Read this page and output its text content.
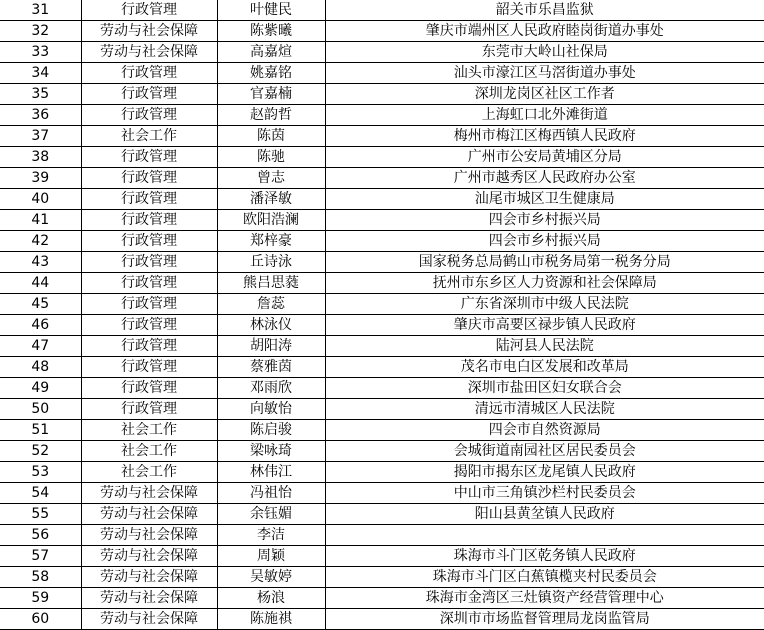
31	行政管理	叶健民	韶关市乐昌监狱
32	劳动与社会保障	陈紫曦	肇庆市端州区人民政府睦岗街道办事处
33	劳动与社会保障	高嘉煊	东莞市大岭山社保局
34	行政管理	姚嘉铭	汕头市濠江区马滘街道办事处
35	行政管理	官嘉楠	深圳龙岗区社区工作者
36	行政管理	赵韵哲	上海虹口北外滩街道
37	社会工作	陈茵	梅州市梅江区梅西镇人民政府
38	行政管理	陈驰	广州市公安局黄埔区分局
39	行政管理	曾志	广州市越秀区人民政府办公室
40	行政管理	潘泽敏	汕尾市城区卫生健康局
41	行政管理	欧阳浩澜	四会市乡村振兴局
42	行政管理	郑梓豪	四会市乡村振兴局
43	行政管理	丘诗泳	国家税务总局鹤山市税务局第一税务分局
44	行政管理	熊吕思蕤	抚州市东乡区人力资源和社会保障局
45	行政管理	詹蕊	广东省深圳市中级人民法院
46	行政管理	林泳仪	肇庆市高要区禄步镇人民政府
47	行政管理	胡阳涛	陆河县人民法院
48	行政管理	蔡雅茵	茂名市电白区发展和改革局
49	行政管理	邓雨欣	深圳市盐田区妇女联合会
50	行政管理	向敏怡	清远市清城区人民法院
51	社会工作	陈启骏	四会市自然资源局
52	社会工作	梁咏琦	会城街道南园社区居民委员会
53	社会工作	林伟江	揭阳市揭东区龙尾镇人民政府
54	劳动与社会保障	冯祖怡	中山市三角镇沙栏村民委员会
55	劳动与社会保障	余钰媚	阳山县黄坌镇人民政府
56	劳动与社会保障	李洁	
57	劳动与社会保障	周颖	珠海市斗门区乾务镇人民政府
58	劳动与社会保障	吴敏婷	珠海市斗门区白蕉镇榄夹村民委员会
59	劳动与社会保障	杨浪	珠海市金湾区三灶镇资产经营管理中心
60	劳动与社会保障	陈施祺	深圳市市场监督管理局龙岗监管局
